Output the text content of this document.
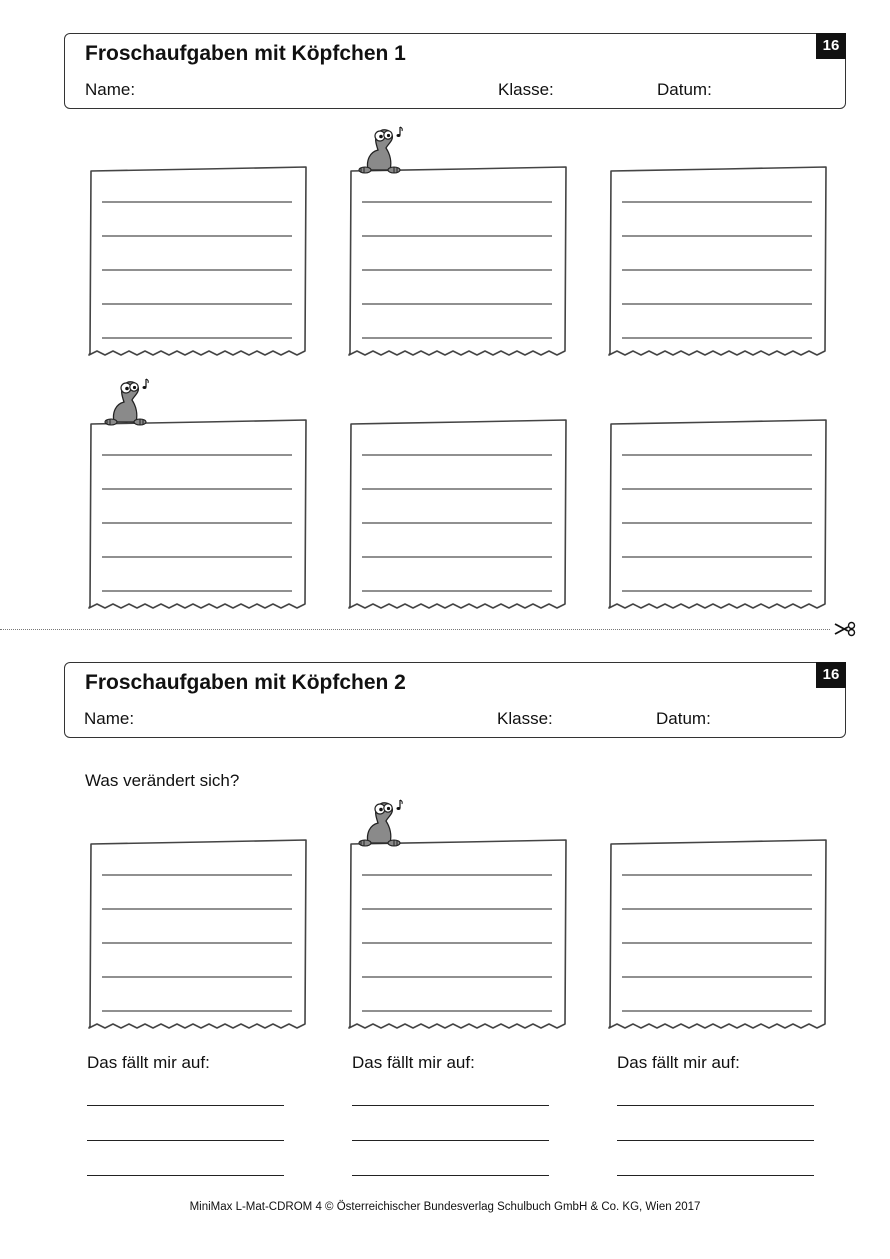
Froschaufgaben mit Köpfchen 1
Name:	Klasse:	Datum:
16
Froschaufgaben mit Köpfchen 2
Name:	Klasse:	Datum:
16
Was verändert sich?
Das fällt mir auf:	Das fällt mir auf:	Das fällt mir auf:
MiniMax L-Mat-CDROM 4 © Österreichischer Bundesverlag Schulbuch GmbH & Co. KG, Wien 2017
